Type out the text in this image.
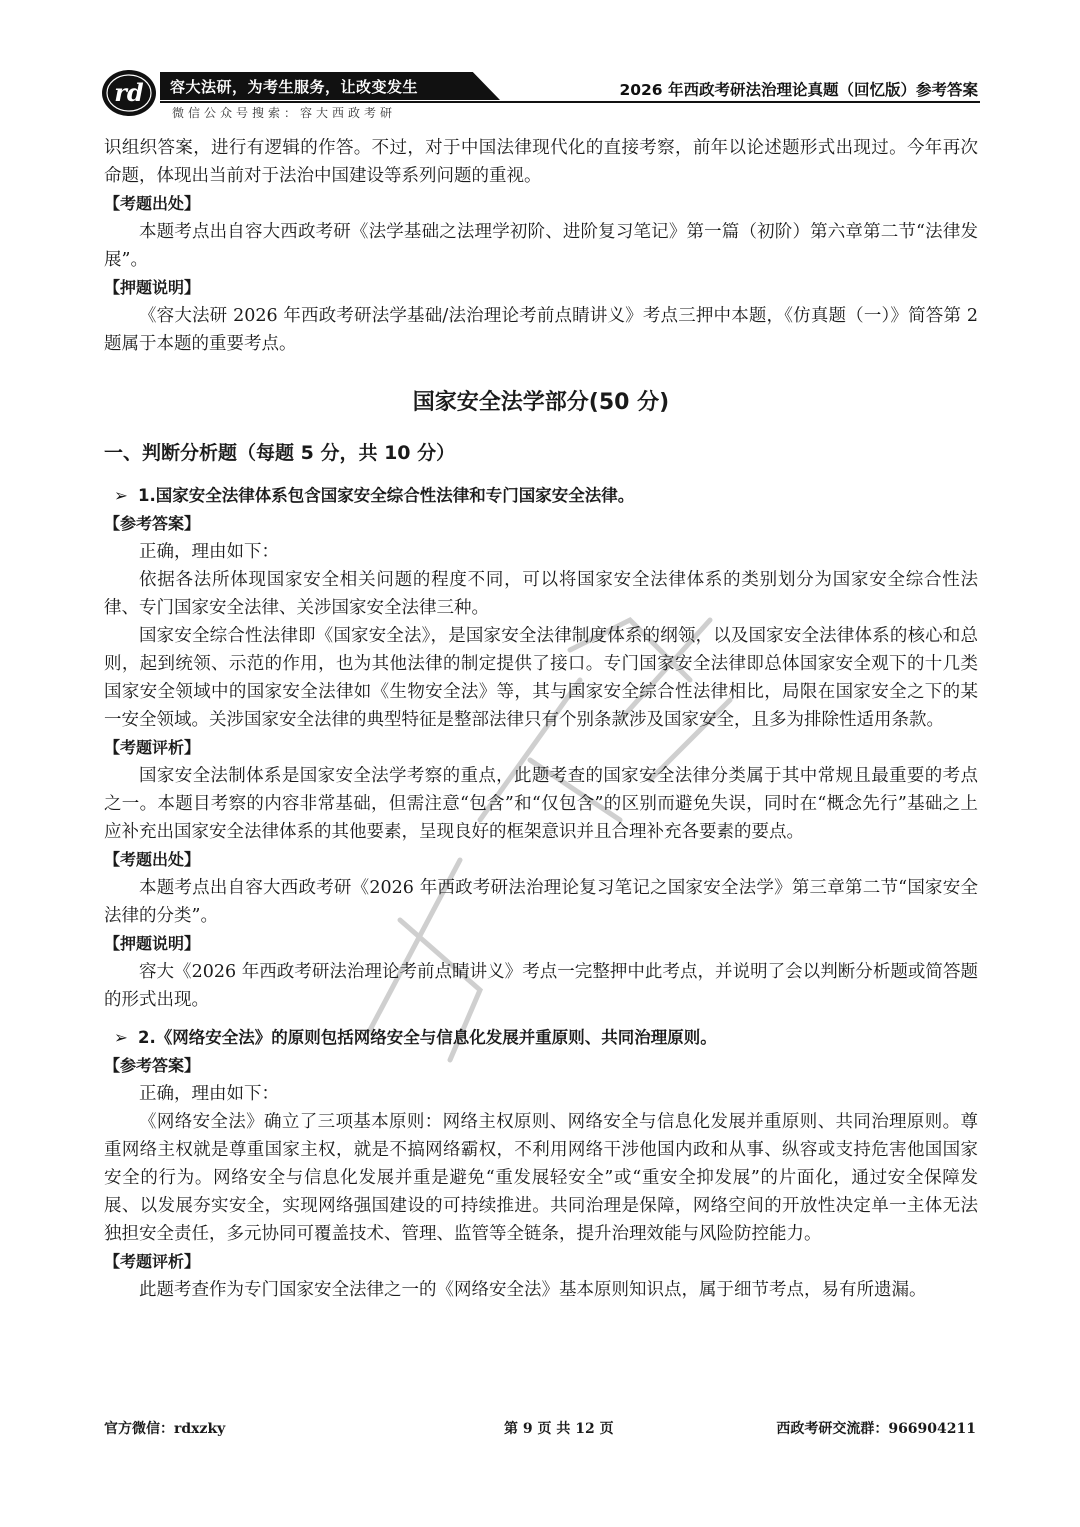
rd 容大法研，为考生服务，让改变发生
微信公众号搜索：容大西政考研
2026 年西政考研法治理论真题（回忆版）参考答案

识组织答案，进行有逻辑的作答。不过，对于中国法律现代化的直接考察，前年以论述题形式出现过。今年再次命题，体现出当前对于法治中国建设等系列问题的重视。

【考题出处】

本题考点出自容大西政考研《法学基础之法理学初阶、进阶复习笔记》第一篇（初阶）第六章第二节“法律发展”。

【押题说明】

《容大法研 2026 年西政考研法学基础/法治理论考前点睛讲义》考点三押中本题，《仿真题（一）》简答第 2 题属于本题的重要考点。

国家安全法学部分(50 分)
一、判断分析题（每题 5 分，共 10 分）
➢ 1.国家安全法律体系包含国家安全综合性法律和专门国家安全法律。
【参考答案】

正确，理由如下：

依据各法所体现国家安全相关问题的程度不同，可以将国家安全法律体系的类别划分为国家安全综合性法律、专门国家安全法律、关涉国家安全法律三种。

国家安全综合性法律即《国家安全法》，是国家安全法律制度体系的纲领，以及国家安全法律体系的核心和总则，起到统领、示范的作用，也为其他法律的制定提供了接口。专门国家安全法律即总体国家安全观下的十几类国家安全领域中的国家安全法律如《生物安全法》等，其与国家安全综合性法律相比，局限在国家安全之下的某一安全领域。关涉国家安全法律的典型特征是整部法律只有个别条款涉及国家安全，且多为排除性适用条款。

【考题评析】

国家安全法制体系是国家安全法学考察的重点，此题考查的国家安全法律分类属于其中常规且最重要的考点之一。本题目考察的内容非常基础，但需注意“包含”和“仅包含”的区别而避免失误，同时在“概念先行”基础之上应补充出国家安全法律体系的其他要素，呈现良好的框架意识并且合理补充各要素的要点。

【考题出处】

本题考点出自容大西政考研《2026 年西政考研法治理论复习笔记之国家安全法学》第三章第二节“国家安全法律的分类”。

【押题说明】

容大《2026 年西政考研法治理论考前点睛讲义》考点一完整押中此考点，并说明了会以判断分析题或简答题的形式出现。

➢ 2.《网络安全法》的原则包括网络安全与信息化发展并重原则、共同治理原则。
【参考答案】

正确，理由如下：

《网络安全法》确立了三项基本原则：网络主权原则、网络安全与信息化发展并重原则、共同治理原则。尊重网络主权就是尊重国家主权，就是不搞网络霸权，不利用网络干涉他国内政和从事、纵容或支持危害他国国家安全的行为。网络安全与信息化发展并重是避免“重发展轻安全”或“重安全抑发展”的片面化，通过安全保障发展、以发展夯实安全，实现网络强国建设的可持续推进。共同治理是保障，网络空间的开放性决定单一主体无法独担安全责任，多元协同可覆盖技术、管理、监管等全链条，提升治理效能与风险防控能力。

【考题评析】

此题考查作为专门国家安全法律之一的《网络安全法》基本原则知识点，属于细节考点，易有所遗漏。

官方微信：rdxzky	第 9 页 共 12 页	西政考研交流群：966904211
